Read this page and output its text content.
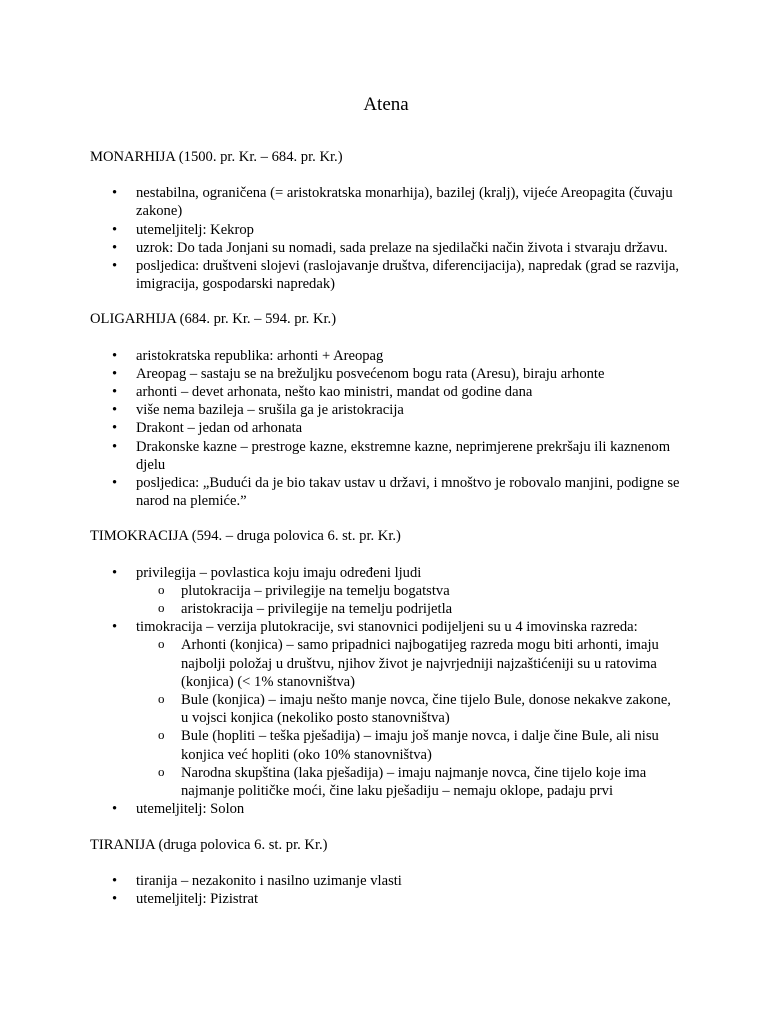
Atena

MONARHIJA (1500. pr. Kr. – 684. pr. Kr.)

• nestabilna, ograničena (= aristokratska monarhija), bazilej (kralj), vijeće Areopagita (čuvaju zakone)
• utemeljitelj: Kekrop
• uzrok: Do tada Jonjani su nomadi, sada prelaze na sjedilački način života i stvaraju državu.
• posljedica: društveni slojevi (raslojavanje društva, diferencijacija), napredak (grad se razvija, imigracija, gospodarski napredak)

OLIGARHIJA (684. pr. Kr. – 594. pr. Kr.)

• aristokratska republika: arhonti + Areopag
• Areopag – sastaju se na brežuljku posvećenom bogu rata (Aresu), biraju arhonte
• arhonti – devet arhonata, nešto kao ministri, mandat od godine dana
• više nema bazileja – srušila ga je aristokracija
• Drakont – jedan od arhonata
• Drakonske kazne – prestroge kazne, ekstremne kazne, neprimjerene prekršaju ili kaznenom djelu
• posljedica: „Budući da je bio takav ustav u državi, i mnoštvo je robovalo manjini, podigne se narod na plemiće.”

TIMOKRACIJA (594. – druga polovica 6. st. pr. Kr.)

• privilegija – povlastica koju imaju određeni ljudi
o plutokracija – privilegije na temelju bogatstva
o aristokracija – privilegije na temelju podrijetla
• timokracija – verzija plutokracije, svi stanovnici podijeljeni su u 4 imovinska razreda:
o Arhonti (konjica) – samo pripadnici najbogatijeg razreda mogu biti arhonti, imaju najbolji položaj u društvu, njihov život je najvrjedniji najzaštićeniji su u ratovima (konjica) (< 1% stanovništva)
o Bule (konjica) – imaju nešto manje novca, čine tijelo Bule, donose nekakve zakone, u vojsci konjica (nekoliko posto stanovništva)
o Bule (hopliti – teška pješadija) – imaju još manje novca, i dalje čine Bule, ali nisu konjica već hopliti (oko 10% stanovništva)
o Narodna skupština (laka pješadija) – imaju najmanje novca, čine tijelo koje ima najmanje političke moći, čine laku pješadiju – nemaju oklope, padaju prvi
• utemeljitelj: Solon

TIRANIJA (druga polovica 6. st. pr. Kr.)

• tiranija – nezakonito i nasilno uzimanje vlasti
• utemeljitelj: Pizistrat
